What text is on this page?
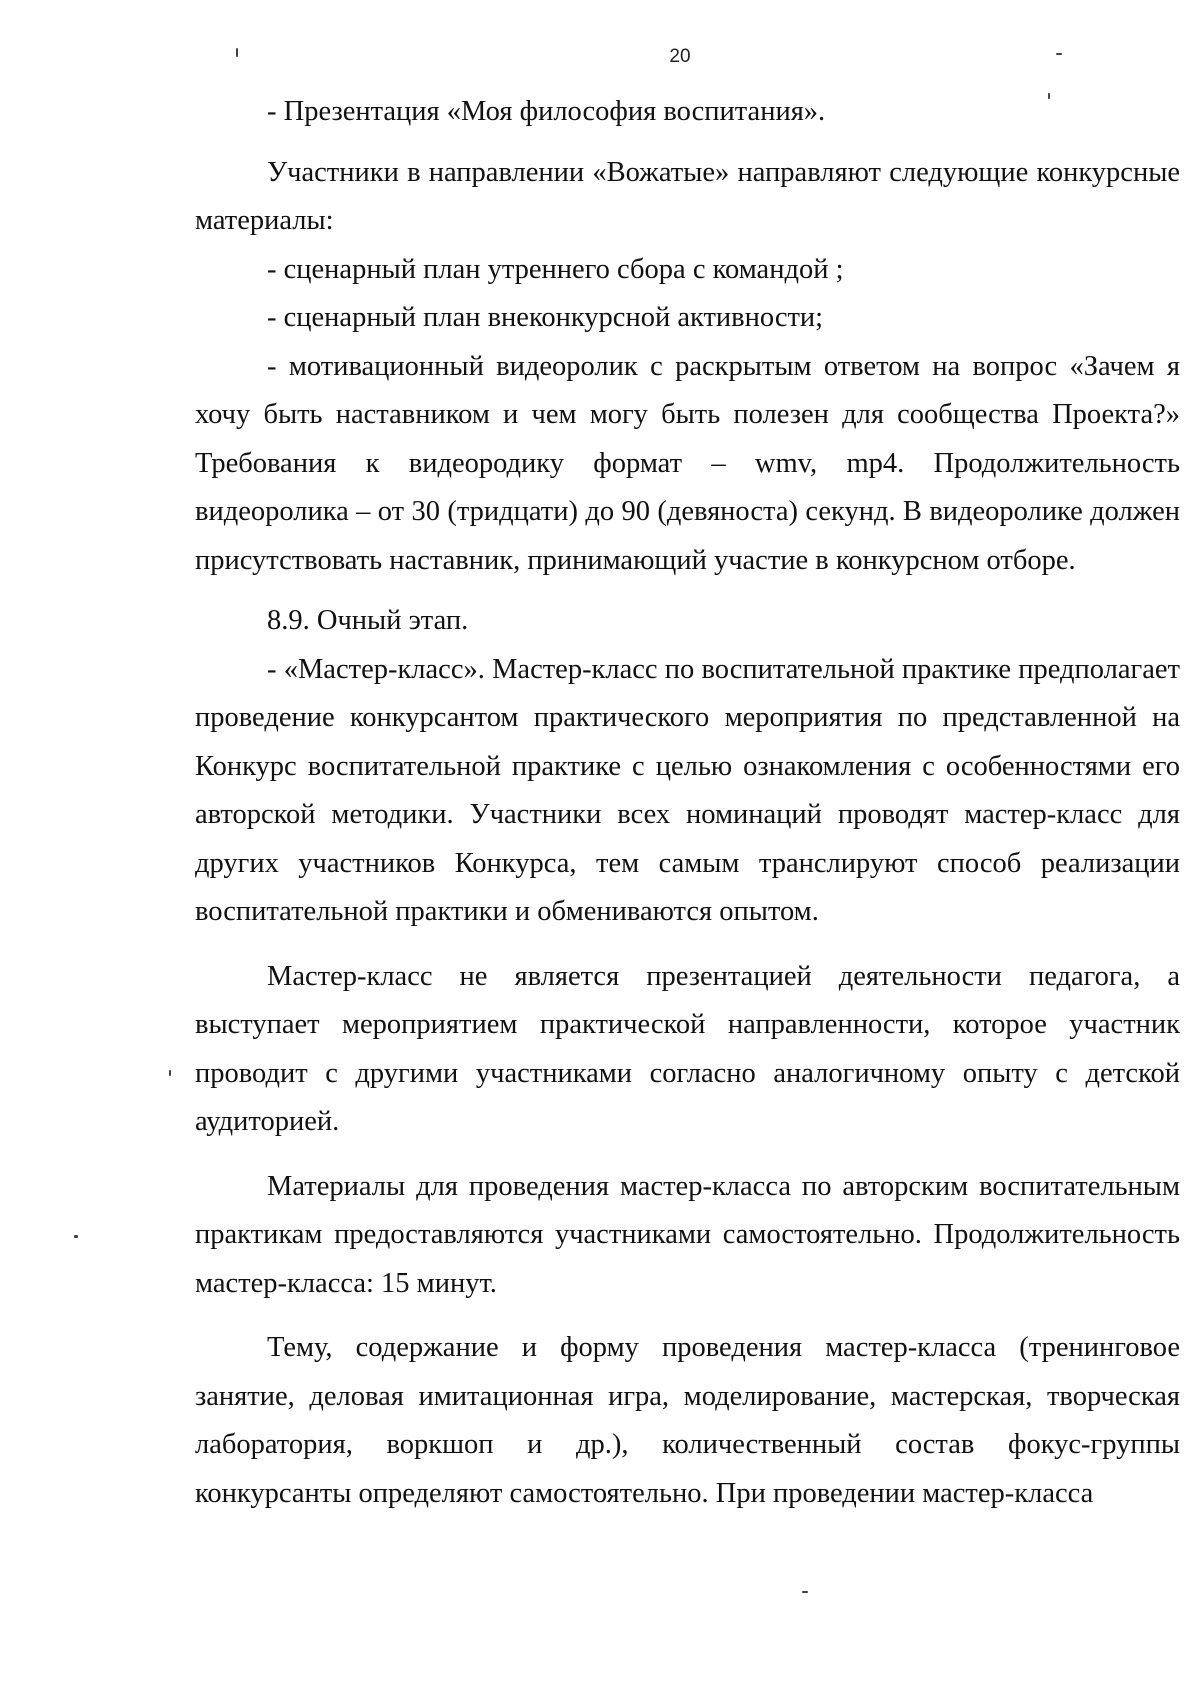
20

- Презентация «Моя философия воспитания».

Участники в направлении «Вожатые» направляют следующие конкурсные материалы:

- сценарный план утреннего сбора с командой ;

- сценарный план внеконкурсной активности;

- мотивационный видеоролик с раскрытым ответом на вопрос «Зачем я хочу быть наставником и чем могу быть полезен для сообщества Проекта?» Требования к видеородику формат – wmv, mp4. Продолжительность видеоролика – от 30 (тридцати) до 90 (девяноста) секунд. В видеоролике должен присутствовать наставник, принимающий участие в конкурсном отборе.

8.9. Очный этап.

- «Мастер-класс». Мастер-класс по воспитательной практике предполагает проведение конкурсантом практического мероприятия по представленной на Конкурс воспитательной практике с целью ознакомления с особенностями его авторской методики. Участники всех номинаций проводят мастер-класс для других участников Конкурса, тем самым транслируют способ реализации воспитательной практики и обмениваются опытом.

Мастер-класс не является презентацией деятельности педагога, а выступает мероприятием практической направленности, которое участник проводит с другими участниками согласно аналогичному опыту с детской аудиторией.

Материалы для проведения мастер-класса по авторским воспитательным практикам предоставляются участниками самостоятельно. Продолжительность мастер-класса: 15 минут.

Тему, содержание и форму проведения мастер-класса (тренинговое занятие, деловая имитационная игра, моделирование, мастерская, творческая лаборатория, воркшоп и др.), количественный состав фокус-группы конкурсанты определяют самостоятельно. При проведении мастер-класса
